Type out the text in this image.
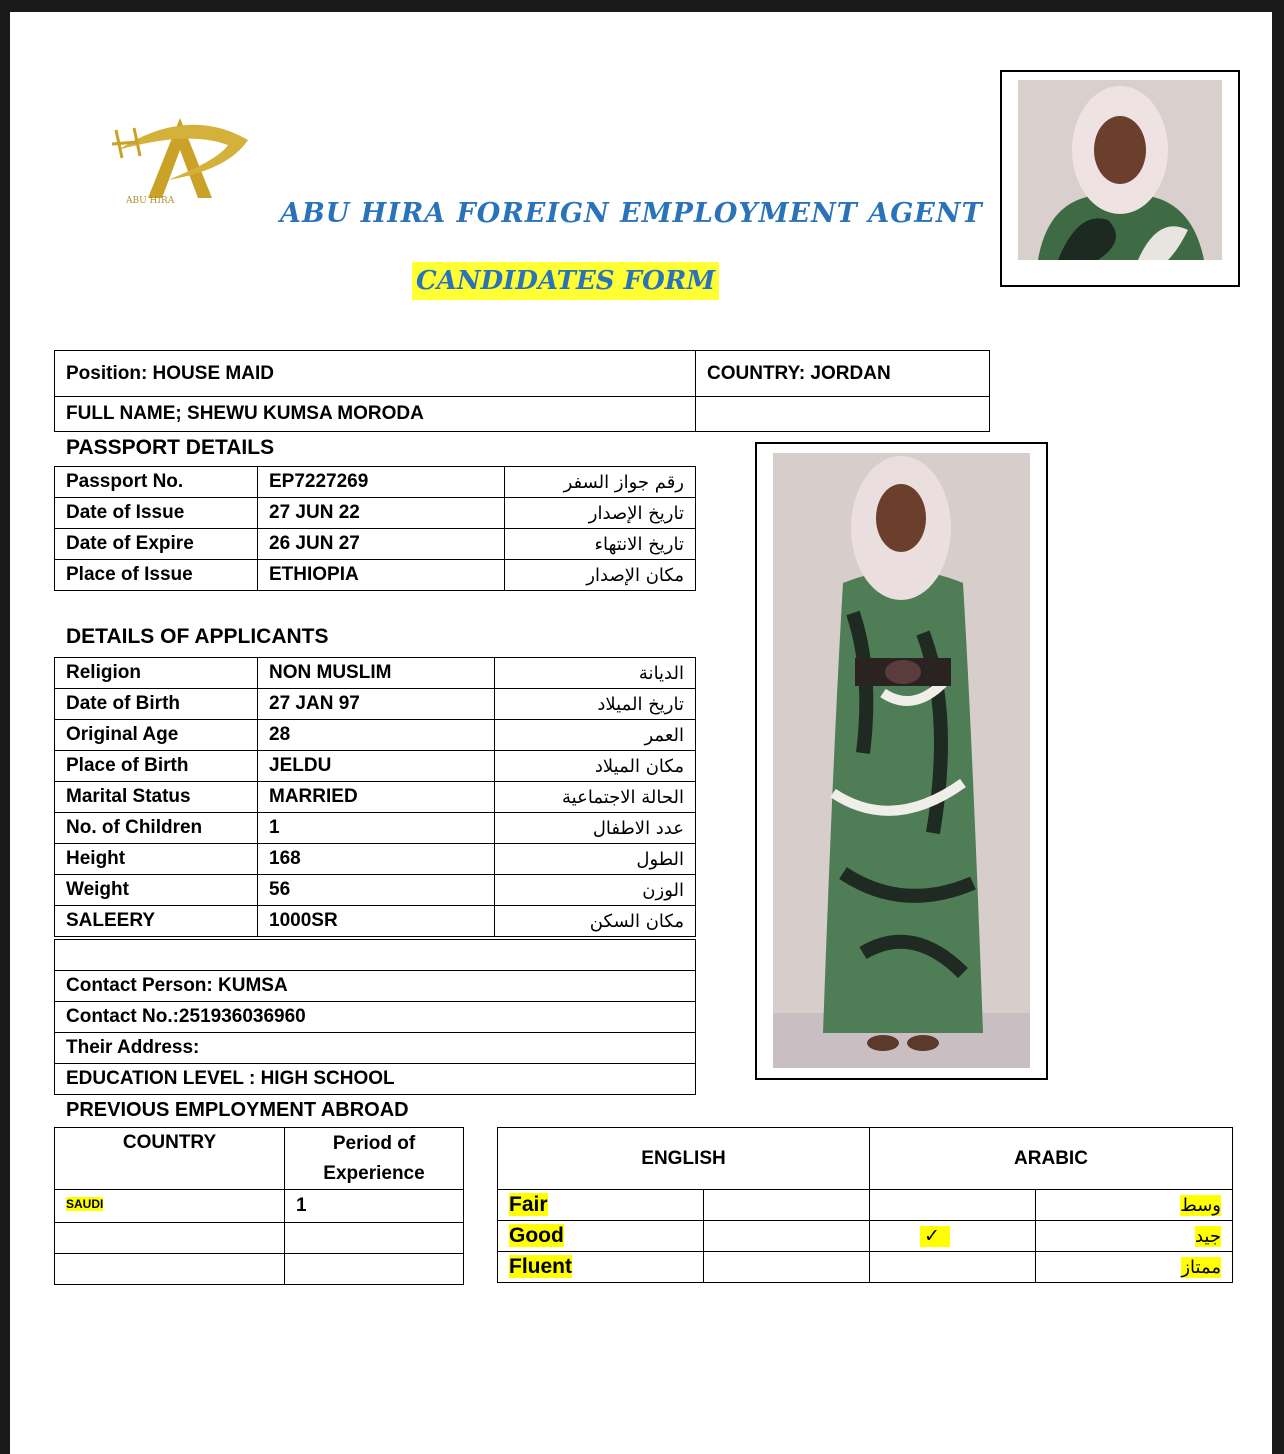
ABU HIRA	ABU HIRA FOREIGN EMPLOYMENT AGENT
CANDIDATES FORM
Position: HOUSE MAID	COUNTRY: JORDAN
FULL NAME; SHEWU KUMSA MORODA	
PASSPORT DETAILS
Passport No.	EP7227269	رقم جواز السفر
Date of Issue	27 JUN 22	تاريخ الإصدار
Date of Expire	26 JUN 27	تاريخ الانتهاء
Place of Issue	ETHIOPIA	مكان الإصدار
DETAILS OF APPLICANTS
Religion	NON MUSLIM	الديانة
Date of Birth	27 JAN 97	تاريخ الميلاد
Original Age	28	العمر
Place of Birth	JELDU	مكان الميلاد
Marital Status	MARRIED	الحالة الاجتماعية
No. of Children	1	عدد الاطفال
Height	168	الطول
Weight	56	الوزن
SALEERY	1000SR	مكان السكن

Contact Person: KUMSA
Contact No.:251936036960
Their Address:
EDUCATION LEVEL : HIGH SCHOOL
PREVIOUS EMPLOYMENT ABROAD
COUNTRY	Period of Experience
SAUDI	1

ENGLISH		ARABIC	
Fair			وسط
Good		✓	جيد
Fluent			ممتاز
